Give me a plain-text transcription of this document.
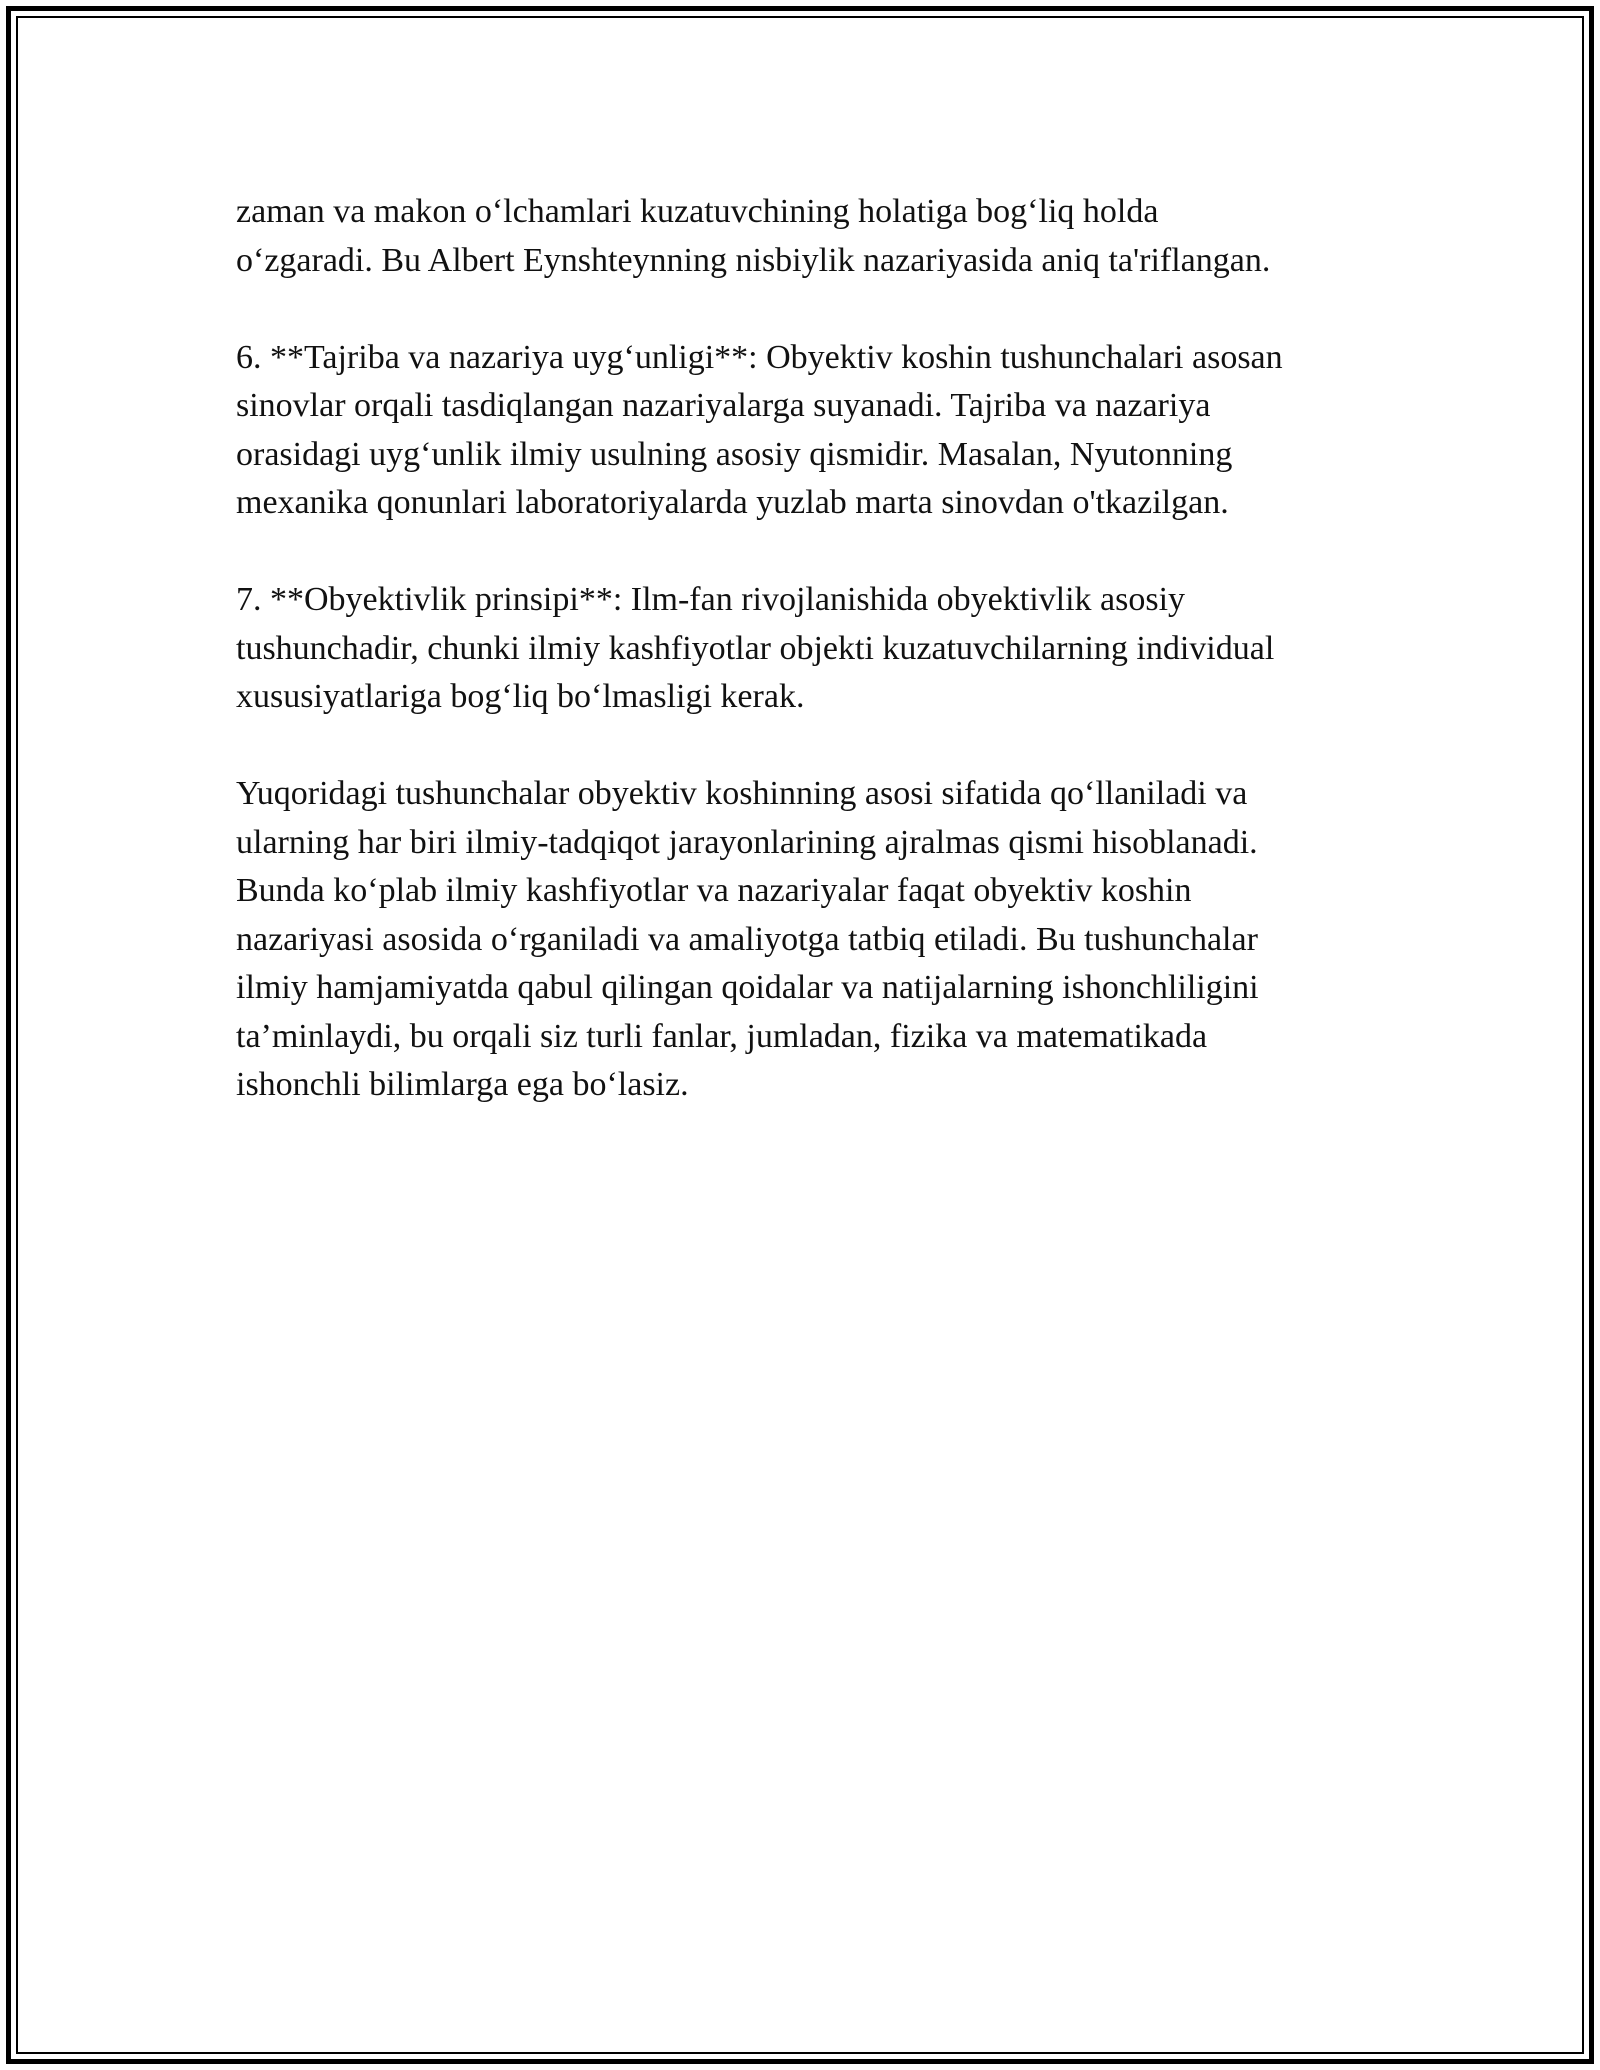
zaman va makon o‘lchamlari kuzatuvchining holatiga bog‘liq holda
o‘zgaradi. Bu Albert Eynshteynning nisbiylik nazariyasida aniq ta'riflangan.

6. **Tajriba va nazariya uyg‘unligi**: Obyektiv koshin tushunchalari asosan
sinovlar orqali tasdiqlangan nazariyalarga suyanadi. Tajriba va nazariya
orasidagi uyg‘unlik ilmiy usulning asosiy qismidir. Masalan, Nyutonning
mexanika qonunlari laboratoriyalarda yuzlab marta sinovdan o'tkazilgan.

7. **Obyektivlik prinsipi**: Ilm-fan rivojlanishida obyektivlik asosiy
tushunchadir, chunki ilmiy kashfiyotlar objekti kuzatuvchilarning individual
xususiyatlariga bog‘liq bo‘lmasligi kerak.

Yuqoridagi tushunchalar obyektiv koshinning asosi sifatida qo‘llaniladi va
ularning har biri ilmiy-tadqiqot jarayonlarining ajralmas qismi hisoblanadi.
Bunda ko‘plab ilmiy kashfiyotlar va nazariyalar faqat obyektiv koshin
nazariyasi asosida o‘rganiladi va amaliyotga tatbiq etiladi. Bu tushunchalar
ilmiy hamjamiyatda qabul qilingan qoidalar va natijalarning ishonchliligini
ta’minlaydi, bu orqali siz turli fanlar, jumladan, fizika va matematikada
ishonchli bilimlarga ega bo‘lasiz.
